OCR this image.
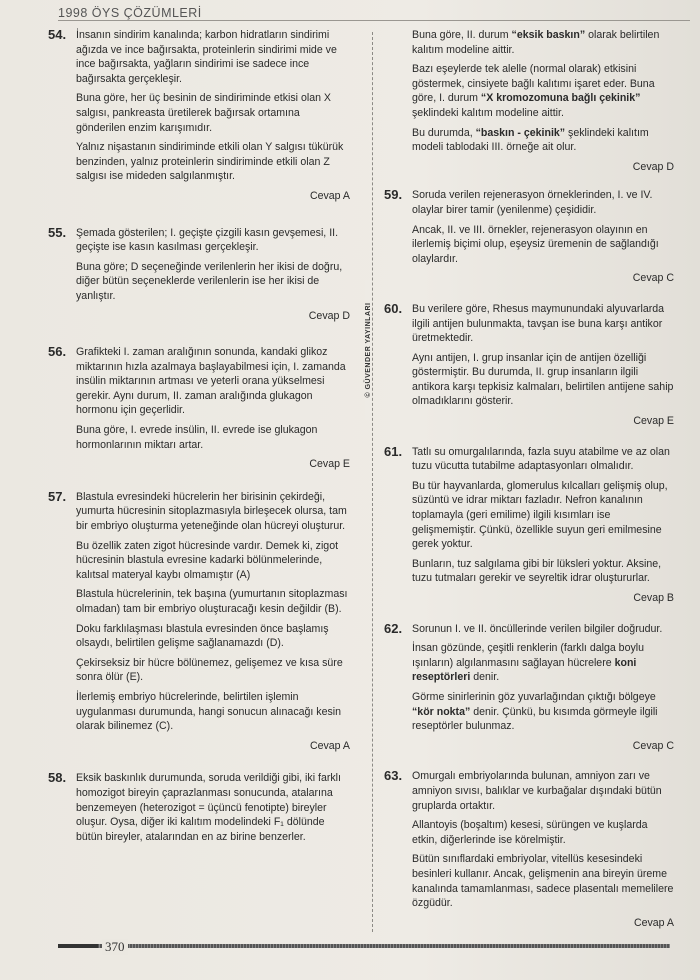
1998 ÖYS ÇÖZÜMLERİ
© GÜVENDER YAYINLARI
54. İnsanın sindirim kanalında; karbon hidratların sindirimi ağızda ve ince bağırsakta, proteinlerin sindirimi mide ve ince bağırsakta, yağların sindirimi ise sadece ince bağırsakta gerçekleşir.

Buna göre, her üç besinin de sindiriminde etkisi olan X salgısı, pankreasta üretilerek bağırsak ortamına gönderilen enzim karışımıdır.

Yalnız nişastanın sindiriminde etkili olan Y salgısı tükürük benzinden, yalnız proteinlerin sindiriminde etkili olan Z salgısı ise mideden salgılanmıştır.

Cevap A
55. Şemada gösterilen; I. geçişte çizgili kasın gevşemesi, II. geçişte ise kasın kasılması gerçekleşir.

Buna göre; D seçeneğinde verilenlerin her ikisi de doğru, diğer bütün seçeneklerde verilenlerin ise her ikisi de yanlıştır.

Cevap D
56. Grafikteki I. zaman aralığının sonunda, kandaki glikoz miktarının hızla azalmaya başlayabilmesi için, I. zamanda insülin miktarının artması ve yeterli orana yükselmesi gerekir. Aynı durum, II. zaman aralığında glukagon hormonu için geçerlidir.

Buna göre, I. evrede insülin, II. evrede ise glukagon hormonlarının miktarı artar.

Cevap E
57. Blastula evresindeki hücrelerin her birisinin çekirdeği, yumurta hücresinin sitoplazmasıyla birleşecek olursa, tam bir embriyo oluşturma yeteneğinde olan hücreyi oluşturur.

Bu özellik zaten zigot hücresinde vardır. Demek ki, zigot hücresinin blastula evresine kadarki bölünmelerinde, kalıtsal materyal kaybı olmamıştır (A)

Blastula hücrelerinin, tek başına (yumurtanın sitoplazması olmadan) tam bir embriyo oluşturacağı kesin değildir (B).

Doku farklılaşması blastula evresinden önce başlamış olsaydı, belirtilen gelişme sağlanamazdı (D).

Çekirseksiz bir hücre bölünemez, gelişemez ve kısa süre sonra ölür (E).

İlerlemiş embriyo hücrelerinde, belirtilen işlemin uygulanması durumunda, hangi sonucun alınacağı kesin olarak bilinemez (C).

Cevap A
58. Eksik baskınlık durumunda, soruda verildiği gibi, iki farklı homozigot bireyin çaprazlanması sonucunda, atalarına benzemeyen (heterozigot = üçüncü fenotipte) bireyler oluşur. Oysa, diğer iki kalıtım modelindeki F₁ dölünde bütün bireyler, atalarından en az birine benzerler.

Buna göre, II. durum “eksik baskın” olarak belirtilen kalıtım modeline aittir.

Bazı eşeylerde tek alelle (normal olarak) etkisini göstermek, cinsiyete bağlı kalıtımı işaret eder. Buna göre, I. durum “X kromozomuna bağlı çekinik” şeklindeki kalıtım modeline aittir.

Bu durumda, “baskın - çekinik” şeklindeki kalıtım modeli tablodaki III. örneğe ait olur.

Cevap D
59. Soruda verilen rejenerasyon örneklerinden, I. ve IV. olaylar birer tamir (yenilenme) çeşididir.

Ancak, II. ve III. örnekler, rejenerasyon olayının en ilerlemiş biçimi olup, eşeysiz üremenin de sağlandığı olaylardır.

Cevap C
60. Bu verilere göre, Rhesus maymunundaki alyuvarlarda ilgili antijen bulunmakta, tavşan ise buna karşı antikor üretmektedir.

Aynı antijen, I. grup insanlar için de antijen özelliği göstermiştir. Bu durumda, II. grup insanların ilgili antikora karşı tepkisiz kalmaları, belirtilen antijene sahip olmadıklarını gösterir.

Cevap E
61. Tatlı su omurgalılarında, fazla suyu atabilme ve az olan tuzu vücutta tutabilme adaptasyonları olmalıdır.

Bu tür hayvanlarda, glomerulus kılcalları gelişmiş olup, süzüntü ve idrar miktarı fazladır. Nefron kanalının toplamayla (geri emilime) ilgili kısımları ise gelişmemiştir. Çünkü, özellikle suyun geri emilmesine gerek yoktur.

Bunların, tuz salgılama gibi bir lüksleri yoktur. Aksine, tuzu tutmaları gerekir ve seyreltik idrar oluştururlar.

Cevap B
62. Sorunun I. ve II. öncüllerinde verilen bilgiler doğrudur.

İnsan gözünde, çeşitli renklerin (farklı dalga boylu ışınların) algılanmasını sağlayan hücrelere koni reseptörleri denir.

Görme sinirlerinin göz yuvarlağından çıktığı bölgeye “kör nokta” denir. Çünkü, bu kısımda görmeyle ilgili reseptörler bulunmaz.

Cevap C
63. Omurgalı embriyolarında bulunan, amniyon zarı ve amniyon sıvısı, balıklar ve kurbağalar dışındaki bütün gruplarda ortaktır.

Allantoyis (boşaltım) kesesi, sürüngen ve kuşlarda etkin, diğerlerinde ise körelmiştir.

Bütün sınıflardaki embriyolar, vitellüs kesesindeki besinleri kullanır. Ancak, gelişmenin ana bireyin üreme kanalında tamamlanması, sadece plasentalı memelilere özgüdür.

Cevap A
370
